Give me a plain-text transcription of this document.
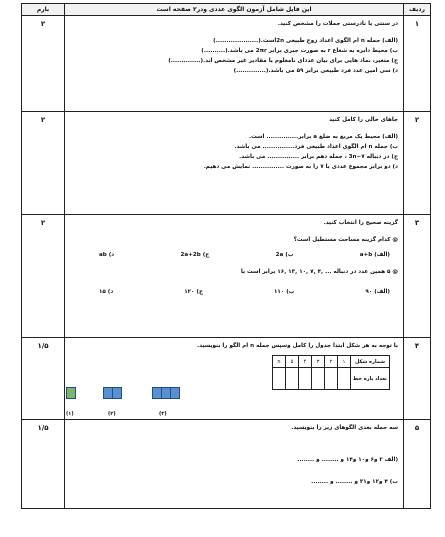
ردیف	این فایل شامل آزمون الگوی عددی ودر۲ صفحه است	بارم
۱	
در ستتی یا نادرستی جملات را مشخص کنید.
(الف) جمله n ام الگوی اعداد زوج طبیعی 2nاست.(....................)
ب) محیط دایره به شعاع r به صورت جبری برابر 2πr می باشد.(..........)
ج) متغیر، نماد هایی برای بیان عددای نامعلوم یا مقادیر غیر مشخص اند.(..............)
د) سی امین عدد فرد طبیعی برابر ۵۹ می باشد.(..............)
	۲
۲	
جاهای خالی را کامل کنید
(الف) محیط یک مربع به ضلع a برابر............... است.
ب) جمله n ام الگوی اعداد طبیعی فرد............... می باشد.
ج) در دنباله 3n−۷ ، جمله دهم برابر ............... می باشد.
د) دو برابر مجموع عددی با ۷ را به صورت ............... نمایش می دهیم.
	۲
۳	
گزینه صحیح را انتخاب کنید.
@ کدام گزینه مساحت مستطیل است؟
(الف) a+b
ب) 2a
ج) 2a+2b
د) ab
@ ۵ همین عدد در دنباله ... ,۴ ,۷ ,۱۰ ,۱۳ ,۱۶ برابر است با
(الف) ۹۰
ب) ۱۱۰
ج) ۱۲۰
د) ۱۵
	۲
۴	
با توجه به هر شکل ابتدا جدول را کامل وسپس جمله n ام الگو را بنویسید.
شماره شکل	۱	۲	۳	۴	۵	n
تعداد پاره خط						
	۱/۵
۵	
سه جمله بعدی الگوهای زیر را بنویسید.
(الف ۲ و۶ و۱۰ و۱۴ و ........ و ........
ب) ۴ و۱۲ و۳۱ و ........ و ........
	۱/۵
(۱)	(۲)	(۳)
